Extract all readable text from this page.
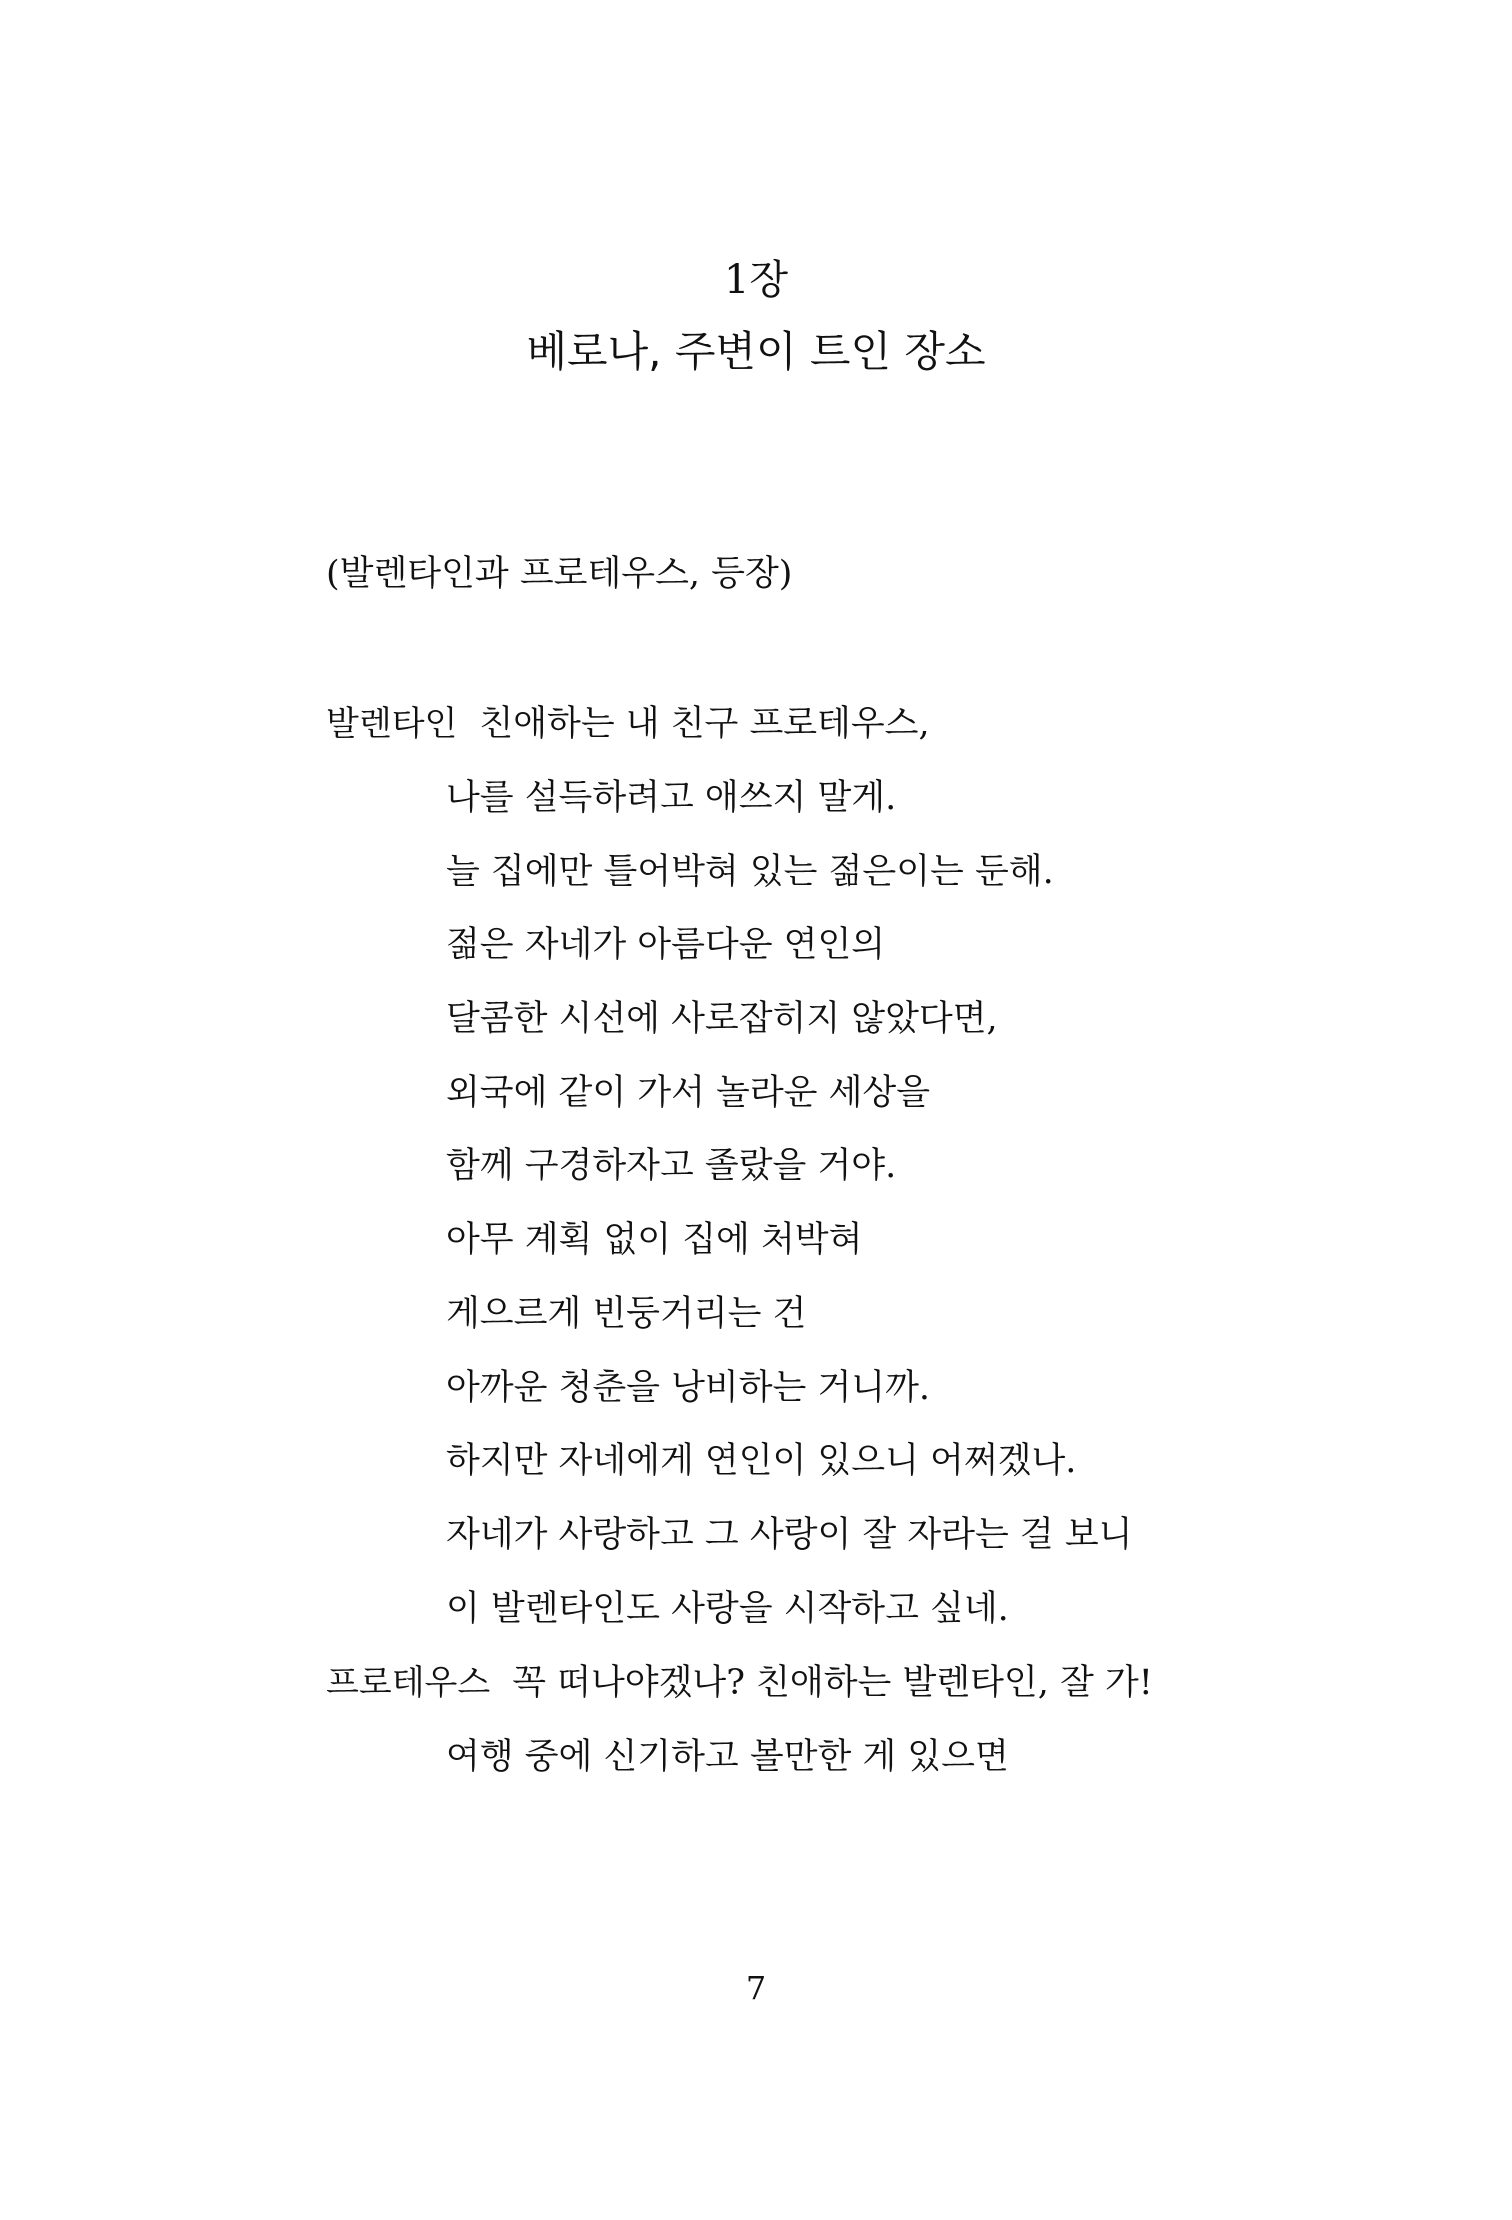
1장
베로나, 주변이 트인 장소

(발렌타인과 프로테우스, 등장)

발렌타인 친애하는 내 친구 프로테우스,

나를 설득하려고 애쓰지 말게.

늘 집에만 틀어박혀 있는 젊은이는 둔해.

젊은 자네가 아름다운 연인의

달콤한 시선에 사로잡히지 않았다면,

외국에 같이 가서 놀라운 세상을

함께 구경하자고 졸랐을 거야.

아무 계획 없이 집에 처박혀

게으르게 빈둥거리는 건

아까운 청춘을 낭비하는 거니까.

하지만 자네에게 연인이 있으니 어쩌겠나.

자네가 사랑하고 그 사랑이 잘 자라는 걸 보니

이 발렌타인도 사랑을 시작하고 싶네.

프로테우스 꼭 떠나야겠나? 친애하는 발렌타인, 잘 가!

여행 중에 신기하고 볼만한 게 있으면

7
